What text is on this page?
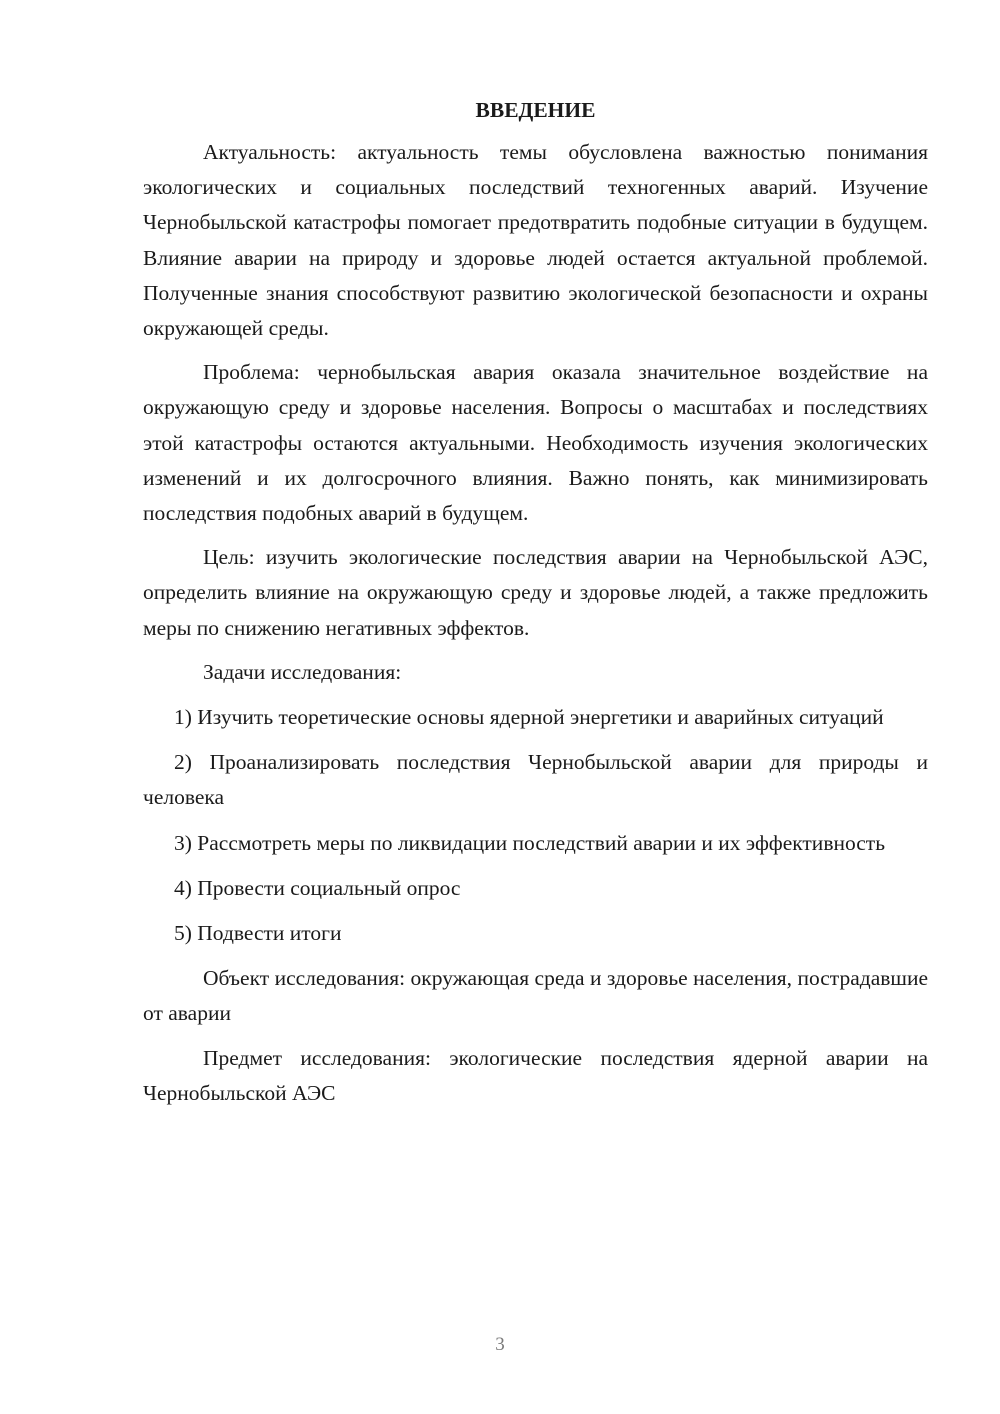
ВВЕДЕНИЕ

Актуальность: актуальность темы обусловлена важностью понимания экологических и социальных последствий техногенных аварий. Изучение Чернобыльской катастрофы помогает предотвратить подобные ситуации в будущем. Влияние аварии на природу и здоровье людей остается актуальной проблемой. Полученные знания способствуют развитию экологической безопасности и охраны окружающей среды.

Проблема: чернобыльская авария оказала значительное воздействие на окружающую среду и здоровье населения. Вопросы о масштабах и последствиях этой катастрофы остаются актуальными. Необходимость изучения экологических изменений и их долгосрочного влияния. Важно понять, как минимизировать последствия подобных аварий в будущем.

Цель: изучить экологические последствия аварии на Чернобыльской АЭС, определить влияние на окружающую среду и здоровье людей, а также предложить меры по снижению негативных эффектов.

Задачи исследования:

1) Изучить теоретические основы ядерной энергетики и аварийных ситуаций

2) Проанализировать последствия Чернобыльской аварии для природы и человека

3) Рассмотреть меры по ликвидации последствий аварии и их эффективность

4) Провести социальный опрос

5) Подвести итоги

Объект исследования: окружающая среда и здоровье населения, пострадавшие от аварии

Предмет исследования: экологические последствия ядерной аварии на Чернобыльской АЭС

3
